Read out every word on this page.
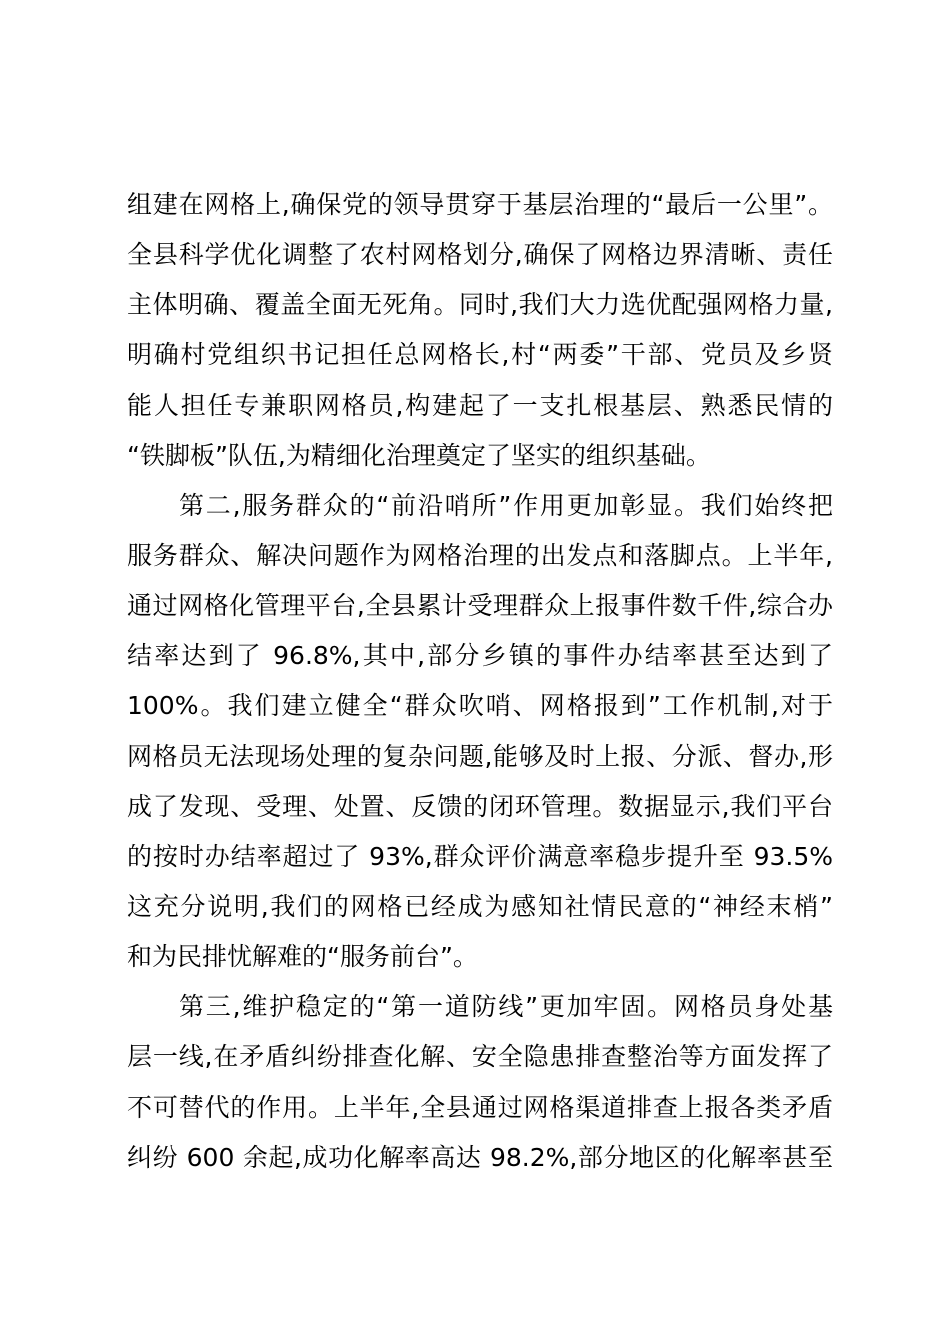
组建在网格上,确保党的领导贯穿于基层治理的“最后一公里”。
全县科学优化调整了农村网格划分,确保了网格边界清晰、责任
主体明确、覆盖全面无死角。同时,我们大力选优配强网格力量,
明确村党组织书记担任总网格长,村“两委”干部、党员及乡贤
能人担任专兼职网格员,构建起了一支扎根基层、熟悉民情的
“铁脚板”队伍,为精细化治理奠定了坚实的组织基础。
第二,服务群众的“前沿哨所”作用更加彰显。我们始终把
服务群众、解决问题作为网格治理的出发点和落脚点。上半年,
通过网格化管理平台,全县累计受理群众上报事件数千件,综合办
结率达到了 96.8%,其中,部分乡镇的事件办结率甚至达到了
100%。我们建立健全“群众吹哨、网格报到”工作机制,对于
网格员无法现场处理的复杂问题,能够及时上报、分派、督办,形
成了发现、受理、处置、反馈的闭环管理。数据显示,我们平台
的按时办结率超过了 93%,群众评价满意率稳步提升至 93.5%
这充分说明,我们的网格已经成为感知社情民意的“神经末梢”
和为民排忧解难的“服务前台”。
第三,维护稳定的“第一道防线”更加牢固。网格员身处基
层一线,在矛盾纠纷排查化解、安全隐患排查整治等方面发挥了
不可替代的作用。上半年,全县通过网格渠道排查上报各类矛盾
纠纷 600 余起,成功化解率高达 98.2%,部分地区的化解率甚至
